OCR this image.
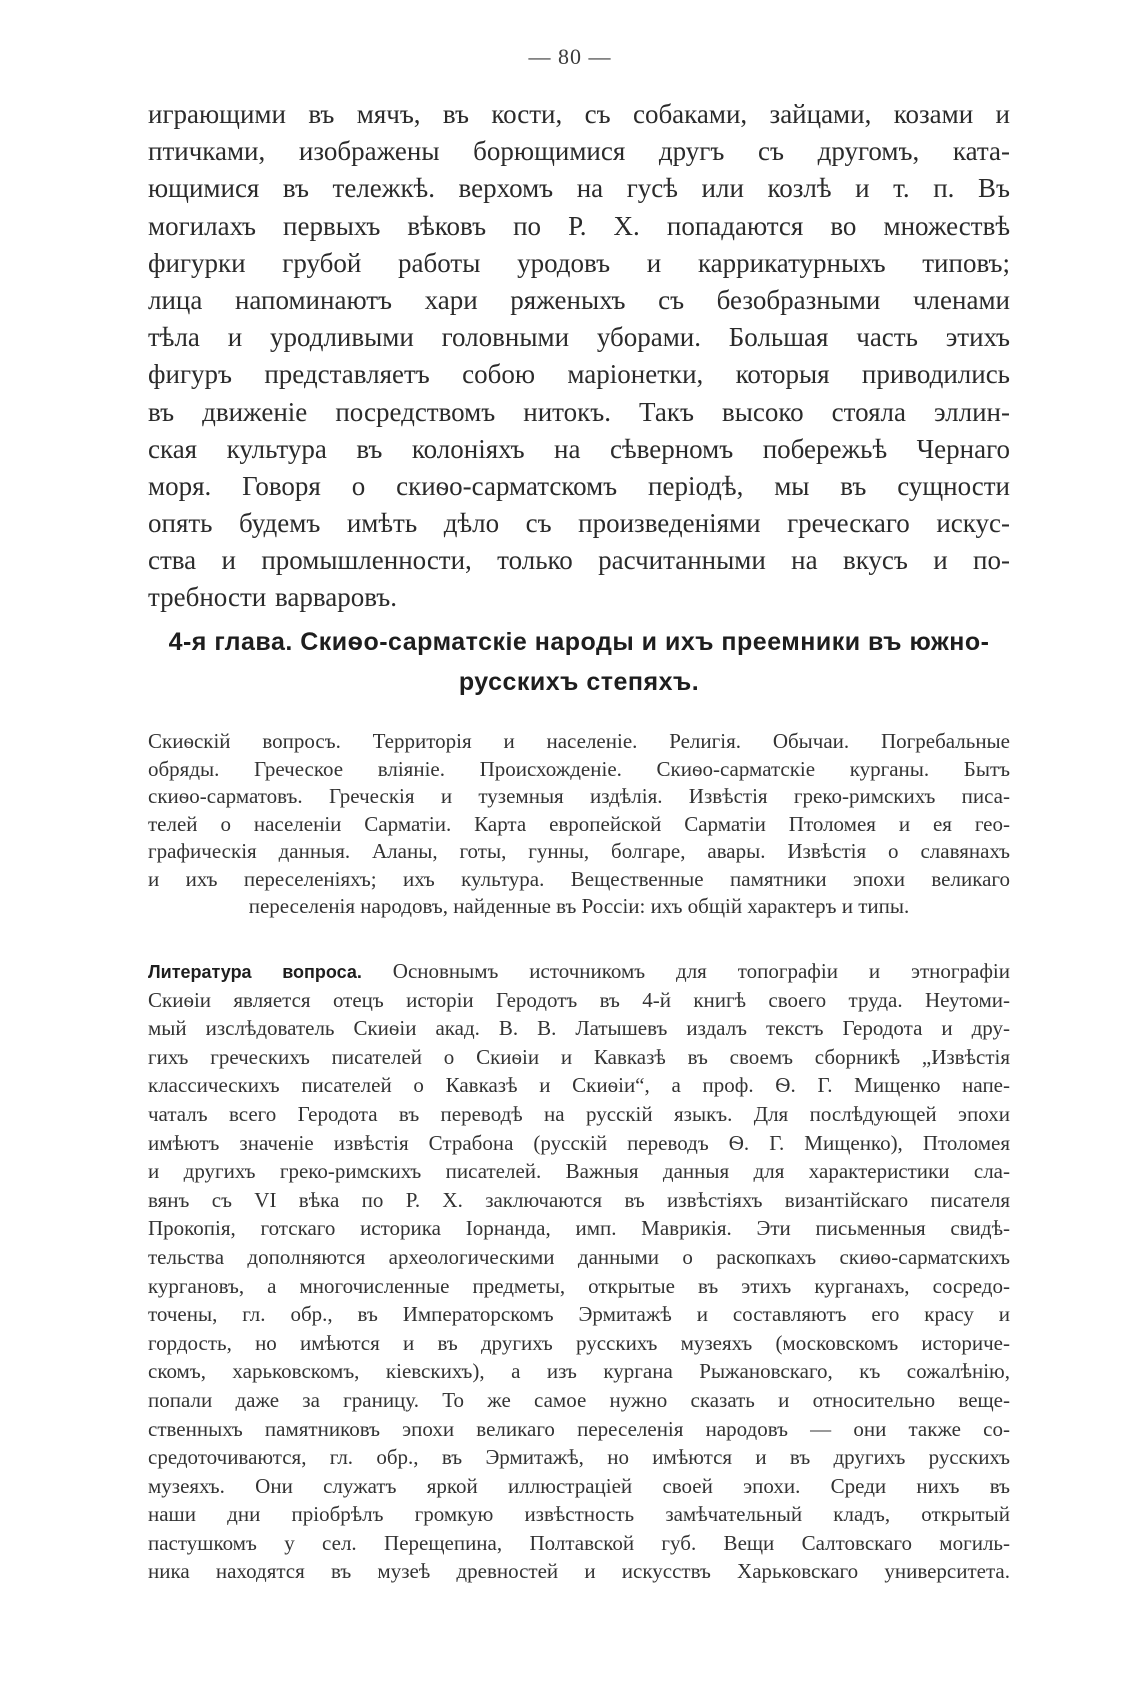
— 80 —
играющими въ мячъ, въ кости, съ собаками, зайцами, козами и
птичками, изображены борющимися другъ съ другомъ, ката-
ющимися въ тележкѣ. верхомъ на гусѣ или козлѣ и т. п. Въ
могилахъ первыхъ вѣковъ по Р. Х. попадаются во множествѣ
фигурки грубой работы уродовъ и каррикатурныхъ типовъ;
лица напоминаютъ хари ряженыхъ съ безобразными членами
тѣла и уродливыми головными уборами. Большая часть этихъ
фигуръ представляетъ собою маріонетки, которыя приводились
въ движеніе посредствомъ нитокъ. Такъ высоко стояла эллин-
ская культура въ колоніяхъ на сѣверномъ побережьѣ Чернаго
моря. Говоря о скиѳо-сарматскомъ періодѣ, мы въ сущности
опять будемъ имѣть дѣло съ произведеніями греческаго искус-
ства и промышленности, только расчитанными на вкусъ и по-
требности варваровъ.
4-я глава. Скиѳо-сарматскіе народы и ихъ преемники въ южно-
русскихъ степяхъ.
Скиѳскій вопросъ. Территорія и населеніе. Религія. Обычаи. Погребальные
обряды. Греческое вліяніе. Происхожденіе. Скиѳо-сарматскіе курганы. Бытъ
скиѳо-сарматовъ. Греческія и туземныя издѣлія. Извѣстія греко-римскихъ писа-
телей о населеніи Сарматіи. Карта европейской Сарматіи Птоломея и ея гео-
графическія данныя. Аланы, готы, гунны, болгаре, авары. Извѣстія о славянахъ
и ихъ переселеніяхъ; ихъ культура. Вещественные памятники эпохи великаго
переселенія народовъ, найденные въ Россіи: ихъ общій характеръ и типы.
Литература вопроса. Основнымъ источникомъ для топографіи и этнографіи
Скиѳіи является отецъ исторіи Геродотъ въ 4-й книгѣ своего труда. Неутоми-
мый изслѣдователь Скиѳіи акад. В. В. Латышевъ издалъ текстъ Геродота и дру-
гихъ греческихъ писателей о Скиѳіи и Кавказѣ въ своемъ сборникѣ „Извѣстія
классическихъ писателей о Кавказѣ и Скиѳіи“, а проф. Ѳ. Г. Мищенко напе-
чаталъ всего Геродота въ переводѣ на русскій языкъ. Для послѣдующей эпохи
имѣютъ значеніе извѣстія Страбона (русскій переводъ Ѳ. Г. Мищенко), Птоломея
и другихъ греко-римскихъ писателей. Важныя данныя для характеристики сла-
вянъ съ VI вѣка по Р. Х. заключаются въ извѣстіяхъ византійскаго писателя
Прокопія, готскаго историка Іорнанда, имп. Маврикія. Эти письменныя свидѣ-
тельства дополняются археологическими данными о раскопкахъ скиѳо-сарматскихъ
кургановъ, а многочисленные предметы, открытые въ этихъ курганахъ, сосредо-
точены, гл. обр., въ Императорскомъ Эрмитажѣ и составляютъ его красу и
гордость, но имѣются и въ другихъ русскихъ музеяхъ (московскомъ историче-
скомъ, харьковскомъ, кіевскихъ), а изъ кургана Рыжановскаго, къ сожалѣнію,
попали даже за границу. То же самое нужно сказать и относительно веще-
ственныхъ памятниковъ эпохи великаго переселенія народовъ — они также со-
средоточиваются, гл. обр., въ Эрмитажѣ, но имѣются и въ другихъ русскихъ
музеяхъ. Они служатъ яркой иллюстраціей своей эпохи. Среди нихъ въ
наши дни пріобрѣлъ громкую извѣстность замѣчательный кладъ, открытый
пастушкомъ у сел. Перещепина, Полтавской губ. Вещи Салтовскаго могиль-
ника находятся въ музеѣ древностей и искусствъ Харьковскаго университета.
